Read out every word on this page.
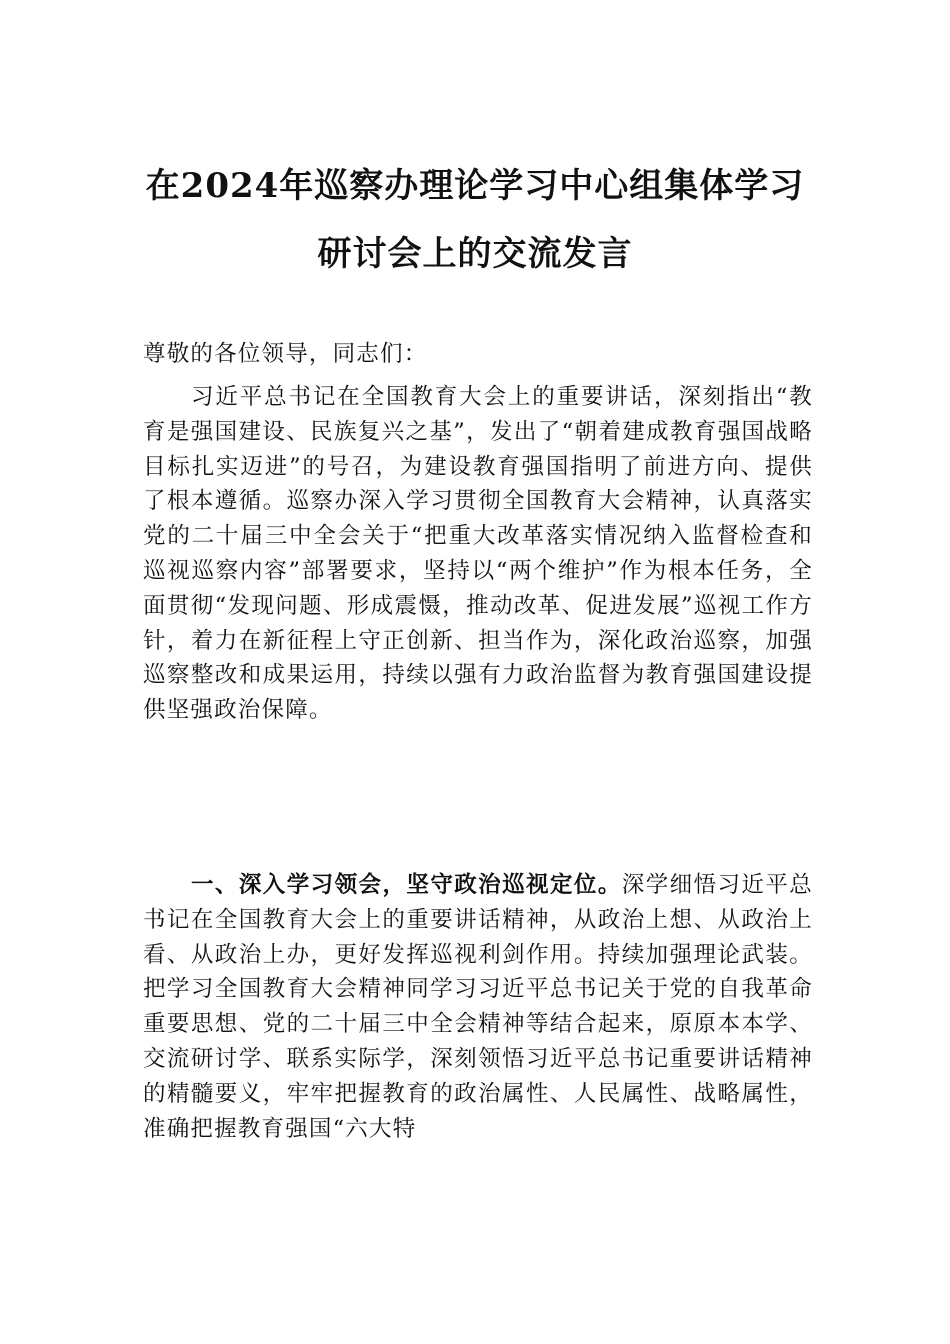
在2024年巡察办理论学习中心组集体学习
研讨会上的交流发言

尊敬的各位领导，同志们：

习近平总书记在全国教育大会上的重要讲话，深刻指出“教育是强国建设、民族复兴之基”，发出了“朝着建成教育强国战略目标扎实迈进”的号召，为建设教育强国指明了前进方向、提供了根本遵循。巡察办深入学习贯彻全国教育大会精神，认真落实党的二十届三中全会关于“把重大改革落实情况纳入监督检查和巡视巡察内容”部署要求，坚持以“两个维护”作为根本任务，全面贯彻“发现问题、形成震慑，推动改革、促进发展”巡视工作方针，着力在新征程上守正创新、担当作为，深化政治巡察，加强巡察整改和成果运用，持续以强有力政治监督为教育强国建设提供坚强政治保障。

一、深入学习领会，坚守政治巡视定位。深学细悟习近平总书记在全国教育大会上的重要讲话精神，从政治上想、从政治上看、从政治上办，更好发挥巡视利剑作用。持续加强理论武装。把学习全国教育大会精神同学习习近平总书记关于党的自我革命重要思想、党的二十届三中全会精神等结合起来，原原本本学、交流研讨学、联系实际学，深刻领悟习近平总书记重要讲话精神的精髓要义，牢牢把握教育的政治属性、人民属性、战略属性，准确把握教育强国“六大特
